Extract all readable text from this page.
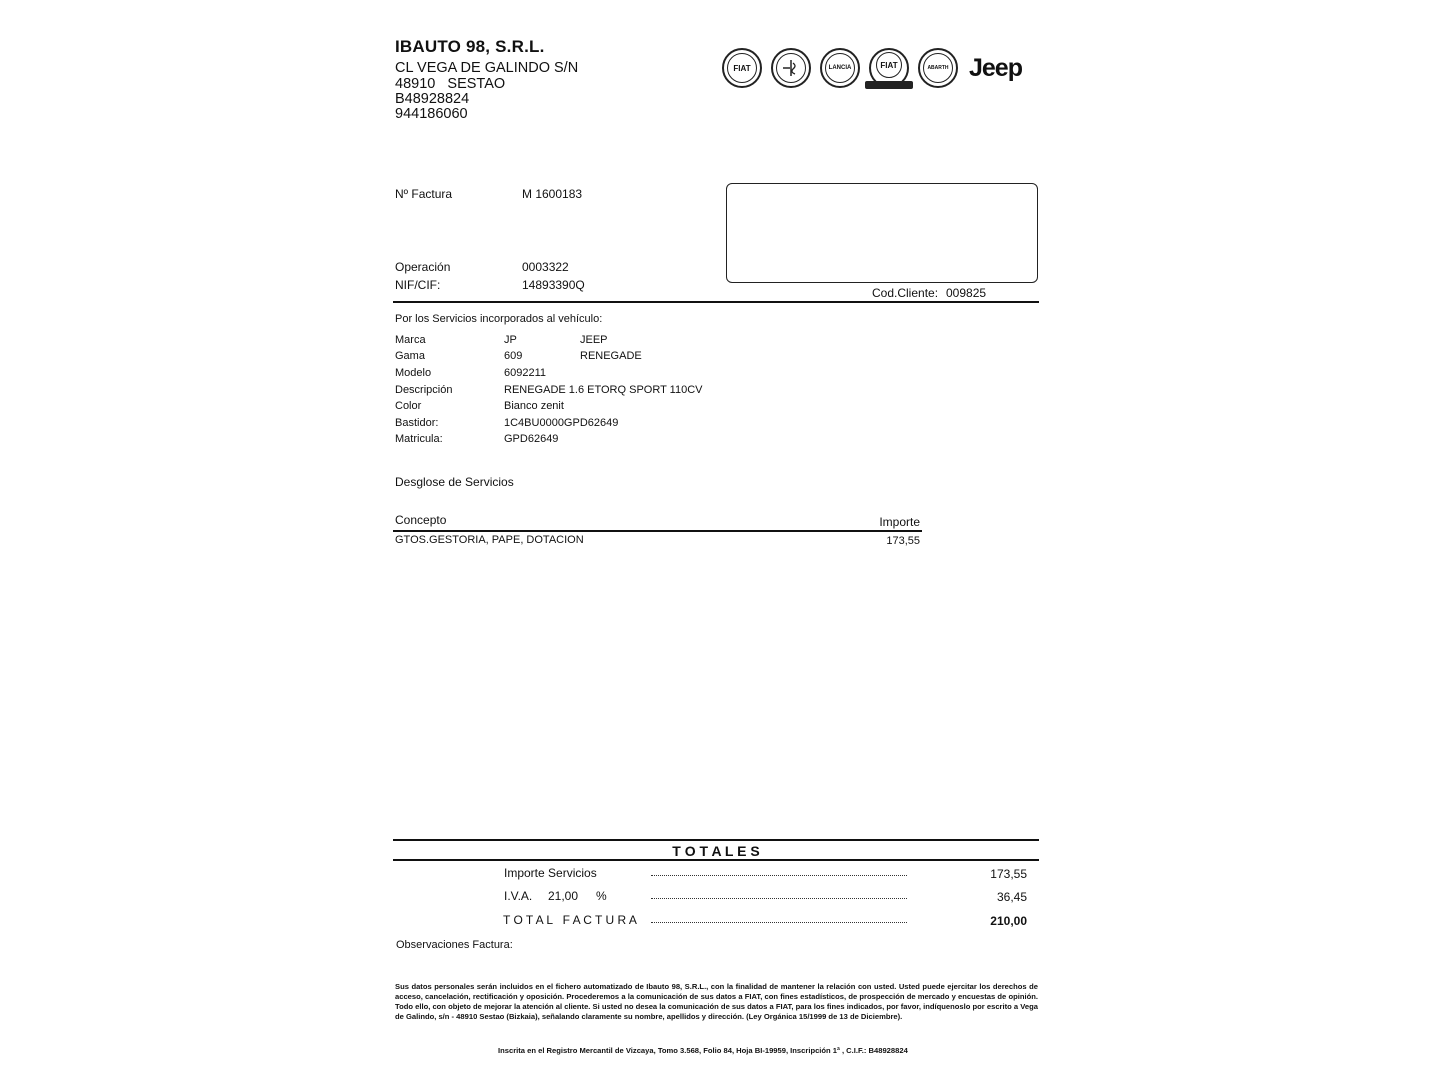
IBAUTO 98, S.R.L.
CL VEGA DE GALINDO S/N
48910   SESTAO
B48928824
944186060
FIAT	LANCIA	FIAT	ABARTH Jeep
Nº Factura	M 1600183
Operación	0003322
NIF/CIF:	14893390Q
Cod.Cliente: 009825
Por los Servicios incorporados al vehículo:
Marca	JP	JEEP
Gama	609	RENEGADE
Modelo	6092211
Descripción	RENEGADE 1.6 ETORQ SPORT 110CV
Color	Bianco zenit
Bastidor:	1C4BU0000GPD62649
Matricula:	GPD62649
Desglose de Servicios
Concepto	Importe
GTOS.GESTORIA, PAPE, DOTACION	173,55
T O T A L E S
Importe Servicios	173,55
I.V.A. 21,00 %	36,45
T O T A L   F A C T U R A	210,00
Observaciones Factura:
Sus datos personales serán incluidos en el fichero automatizado de Ibauto 98, S.R.L., con la finalidad de mantener la relación con usted. Usted puede ejercitar los derechos de acceso, cancelación, rectificación y oposición. Procederemos a la comunicación de sus datos a FIAT, con fines estadísticos, de prospección de mercado y encuestas de opinión. Todo ello, con objeto de mejorar la atención al cliente. Si usted no desea la comunicación de sus datos a FIAT, para los fines indicados, por favor, indíquenoslo por escrito a Vega de Galindo, s/n - 48910 Sestao (Bizkaia), señalando claramente su nombre, apellidos y dirección. (Ley Orgánica 15/1999 de 13 de Diciembre).
Inscrita en el Registro Mercantil de Vizcaya, Tomo 3.568, Folio 84, Hoja BI-19959, Inscripción 1ª , C.I.F.: B48928824
